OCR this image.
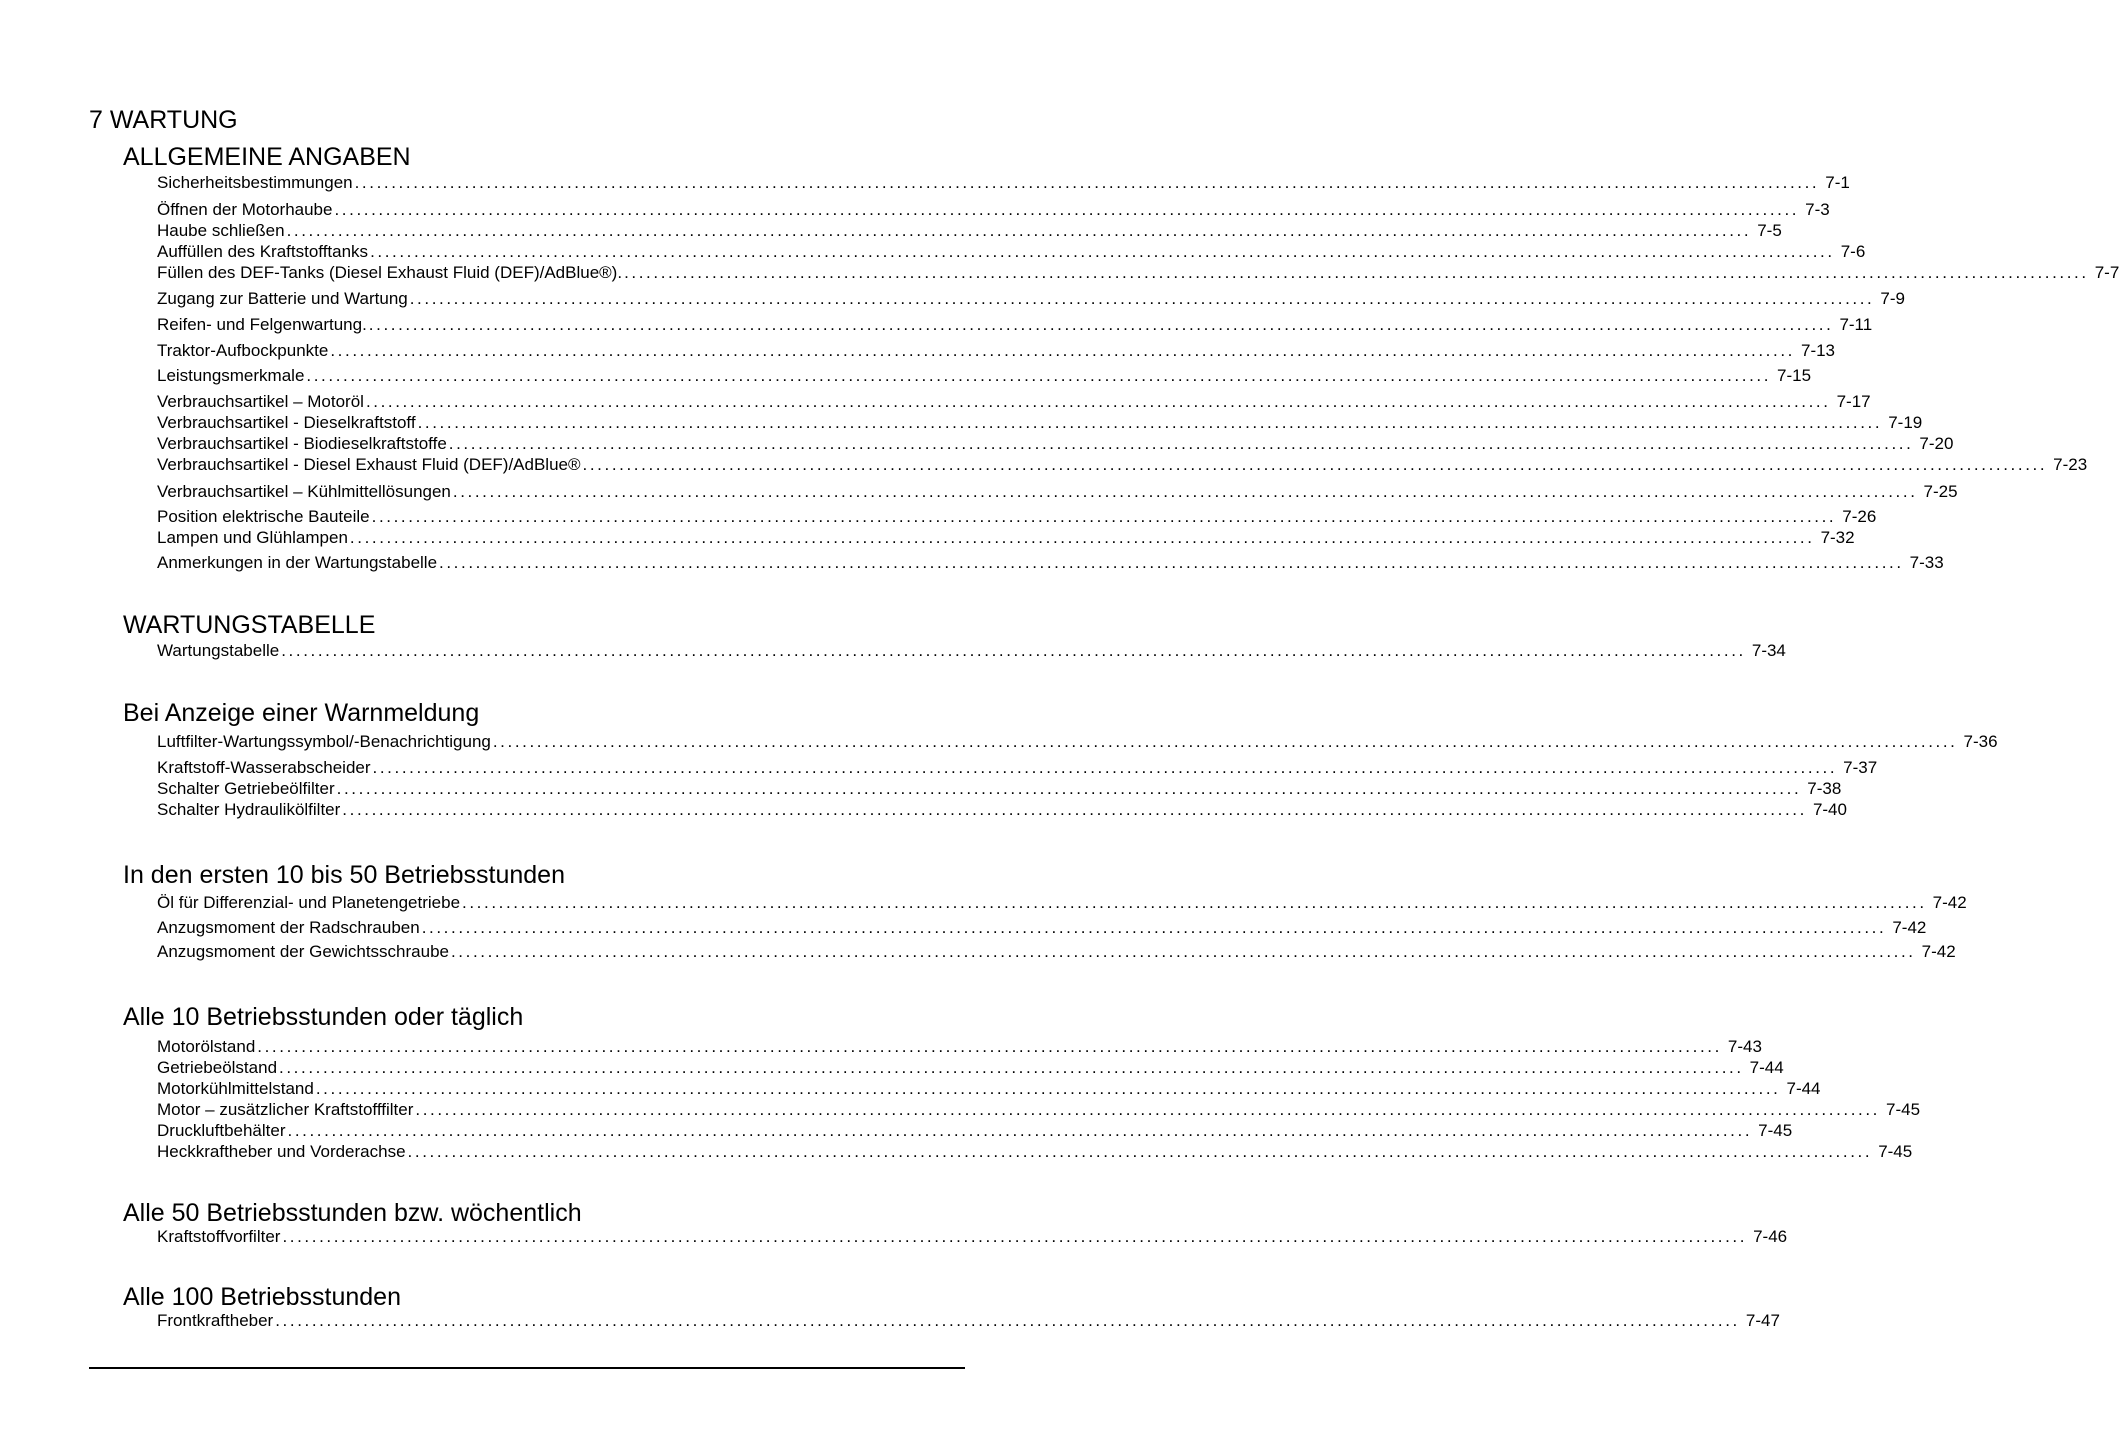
7 WARTUNG
ALLGEMEINE ANGABEN
Sicherheitsbestimmungen ........................................................................................................................................................................................................ 7-1
Öffnen der Motorhaube ........................................................................................................................................................................................................ 7-3
Haube schließen ........................................................................................................................................................................................................ 7-5
Auffüllen des Kraftstofftanks ........................................................................................................................................................................................................ 7-6
Füllen des DEF-Tanks (Diesel Exhaust Fluid (DEF)/AdBlue®). ........................................................................................................................................................................................................ 7-7
Zugang zur Batterie und Wartung ........................................................................................................................................................................................................ 7-9
Reifen- und Felgenwartung. ........................................................................................................................................................................................................ 7-11
Traktor-Aufbockpunkte ........................................................................................................................................................................................................ 7-13
Leistungsmerkmale ........................................................................................................................................................................................................ 7-15
Verbrauchsartikel – Motoröl ........................................................................................................................................................................................................ 7-17
Verbrauchsartikel - Dieselkraftstoff ........................................................................................................................................................................................................ 7-19
Verbrauchsartikel - Biodieselkraftstoffe ........................................................................................................................................................................................................ 7-20
Verbrauchsartikel - Diesel Exhaust Fluid (DEF)/AdBlue® ........................................................................................................................................................................................................ 7-23
Verbrauchsartikel – Kühlmittellösungen ........................................................................................................................................................................................................ 7-25
Position elektrische Bauteile ........................................................................................................................................................................................................ 7-26
Lampen und Glühlampen ........................................................................................................................................................................................................ 7-32
Anmerkungen in der Wartungstabelle ........................................................................................................................................................................................................ 7-33
WARTUNGSTABELLE
Wartungstabelle ........................................................................................................................................................................................................ 7-34
Bei Anzeige einer Warnmeldung
Luftfilter-Wartungssymbol/-Benachrichtigung ........................................................................................................................................................................................................ 7-36
Kraftstoff-Wasserabscheider ........................................................................................................................................................................................................ 7-37
Schalter Getriebeölfilter ........................................................................................................................................................................................................ 7-38
Schalter Hydraulikölfilter ........................................................................................................................................................................................................ 7-40
In den ersten 10 bis 50 Betriebsstunden
Öl für Differenzial- und Planetengetriebe ........................................................................................................................................................................................................ 7-42
Anzugsmoment der Radschrauben ........................................................................................................................................................................................................ 7-42
Anzugsmoment der Gewichtsschraube ........................................................................................................................................................................................................ 7-42
Alle 10 Betriebsstunden oder täglich
Motorölstand ........................................................................................................................................................................................................ 7-43
Getriebeölstand ........................................................................................................................................................................................................ 7-44
Motorkühlmittelstand ........................................................................................................................................................................................................ 7-44
Motor – zusätzlicher Kraftstofffilter ........................................................................................................................................................................................................ 7-45
Druckluftbehälter ........................................................................................................................................................................................................ 7-45
Heckkraftheber und Vorderachse ........................................................................................................................................................................................................ 7-45
Alle 50 Betriebsstunden bzw. wöchentlich
Kraftstoffvorfilter ........................................................................................................................................................................................................ 7-46
Alle 100 Betriebsstunden
Frontkraftheber ........................................................................................................................................................................................................ 7-47
